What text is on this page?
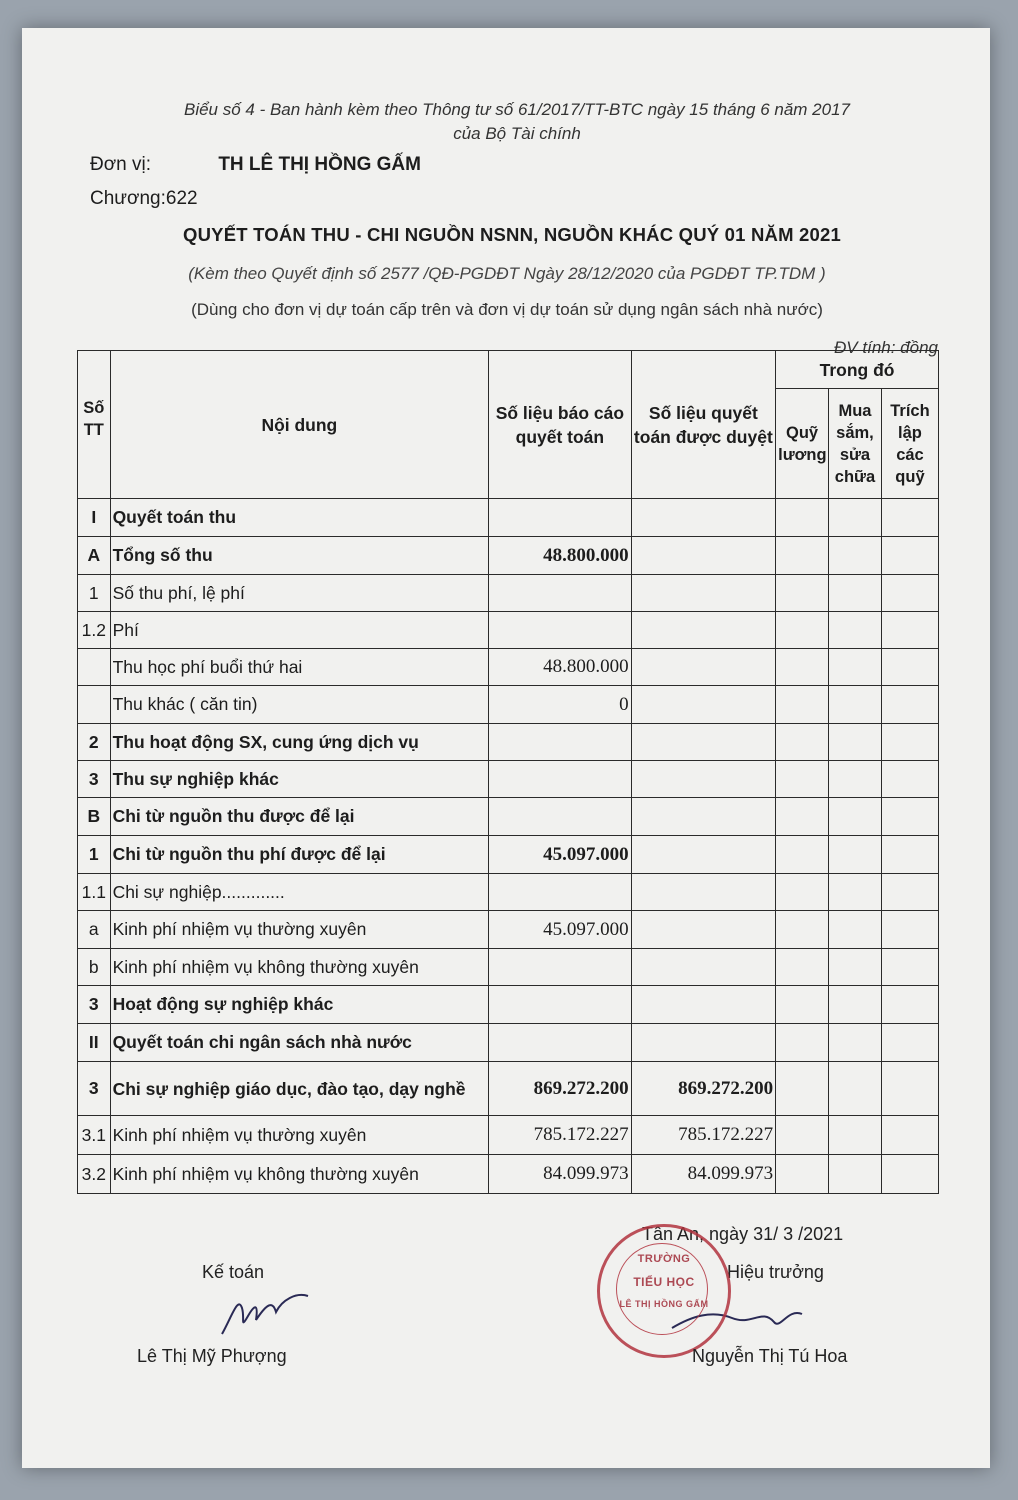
Biểu số 4 - Ban hành kèm theo Thông tư số 61/2017/TT-BTC ngày 15 tháng 6 năm 2017
của Bộ Tài chính
Đơn vị:	TH LÊ THỊ HỒNG GẤM
Chương:622
QUYẾT TOÁN THU - CHI NGUỒN NSNN, NGUỒN KHÁC QUÝ 01 NĂM 2021
(Kèm theo Quyết định số 2577 /QĐ-PGDĐT Ngày 28/12/2020 của PGDĐT TP.TDM )
(Dùng cho đơn vị dự toán cấp trên và đơn vị dự toán sử dụng ngân sách nhà nước)
ĐV tính: đồng
Số TT	Nội dung	Số liệu báo cáo quyết toán	Số liệu quyết toán được duyệt	Trong đó		
				Quỹ lương	Mua sắm, sửa chữa	Trích lập các quỹ
I	Quyết toán thu					
A	Tổng số thu	48.800.000				
1	Số thu phí, lệ phí					
1.2	Phí					
	Thu học phí buổi thứ hai	48.800.000				
	Thu khác ( căn tin)	0				
2	Thu hoạt động SX, cung ứng dịch vụ					
3	Thu sự nghiệp khác					
B	Chi từ nguồn thu được để lại					
1	Chi từ nguồn thu phí được để lại	45.097.000				
1.1	Chi sự nghiệp.............					
a	Kinh phí nhiệm vụ thường xuyên	45.097.000				
b	Kinh phí nhiệm vụ không thường xuyên					
3	Hoạt động sự nghiệp khác					
II	Quyết toán chi ngân sách nhà nước					
3	Chi sự nghiệp giáo dục, đào tạo, dạy nghề	869.272.200	869.272.200			
3.1	Kinh phí nhiệm vụ thường xuyên	785.172.227	785.172.227			
3.2	Kinh phí nhiệm vụ không thường xuyên	84.099.973	84.099.973			
Tân An, ngày 31/ 3 /2021
Kế toán	Hiệu trưởng
TRƯỜNG
TIỂU HỌC
LÊ THỊ HỒNG GẤM
Lê Thị Mỹ Phượng	Nguyễn Thị Tú Hoa
